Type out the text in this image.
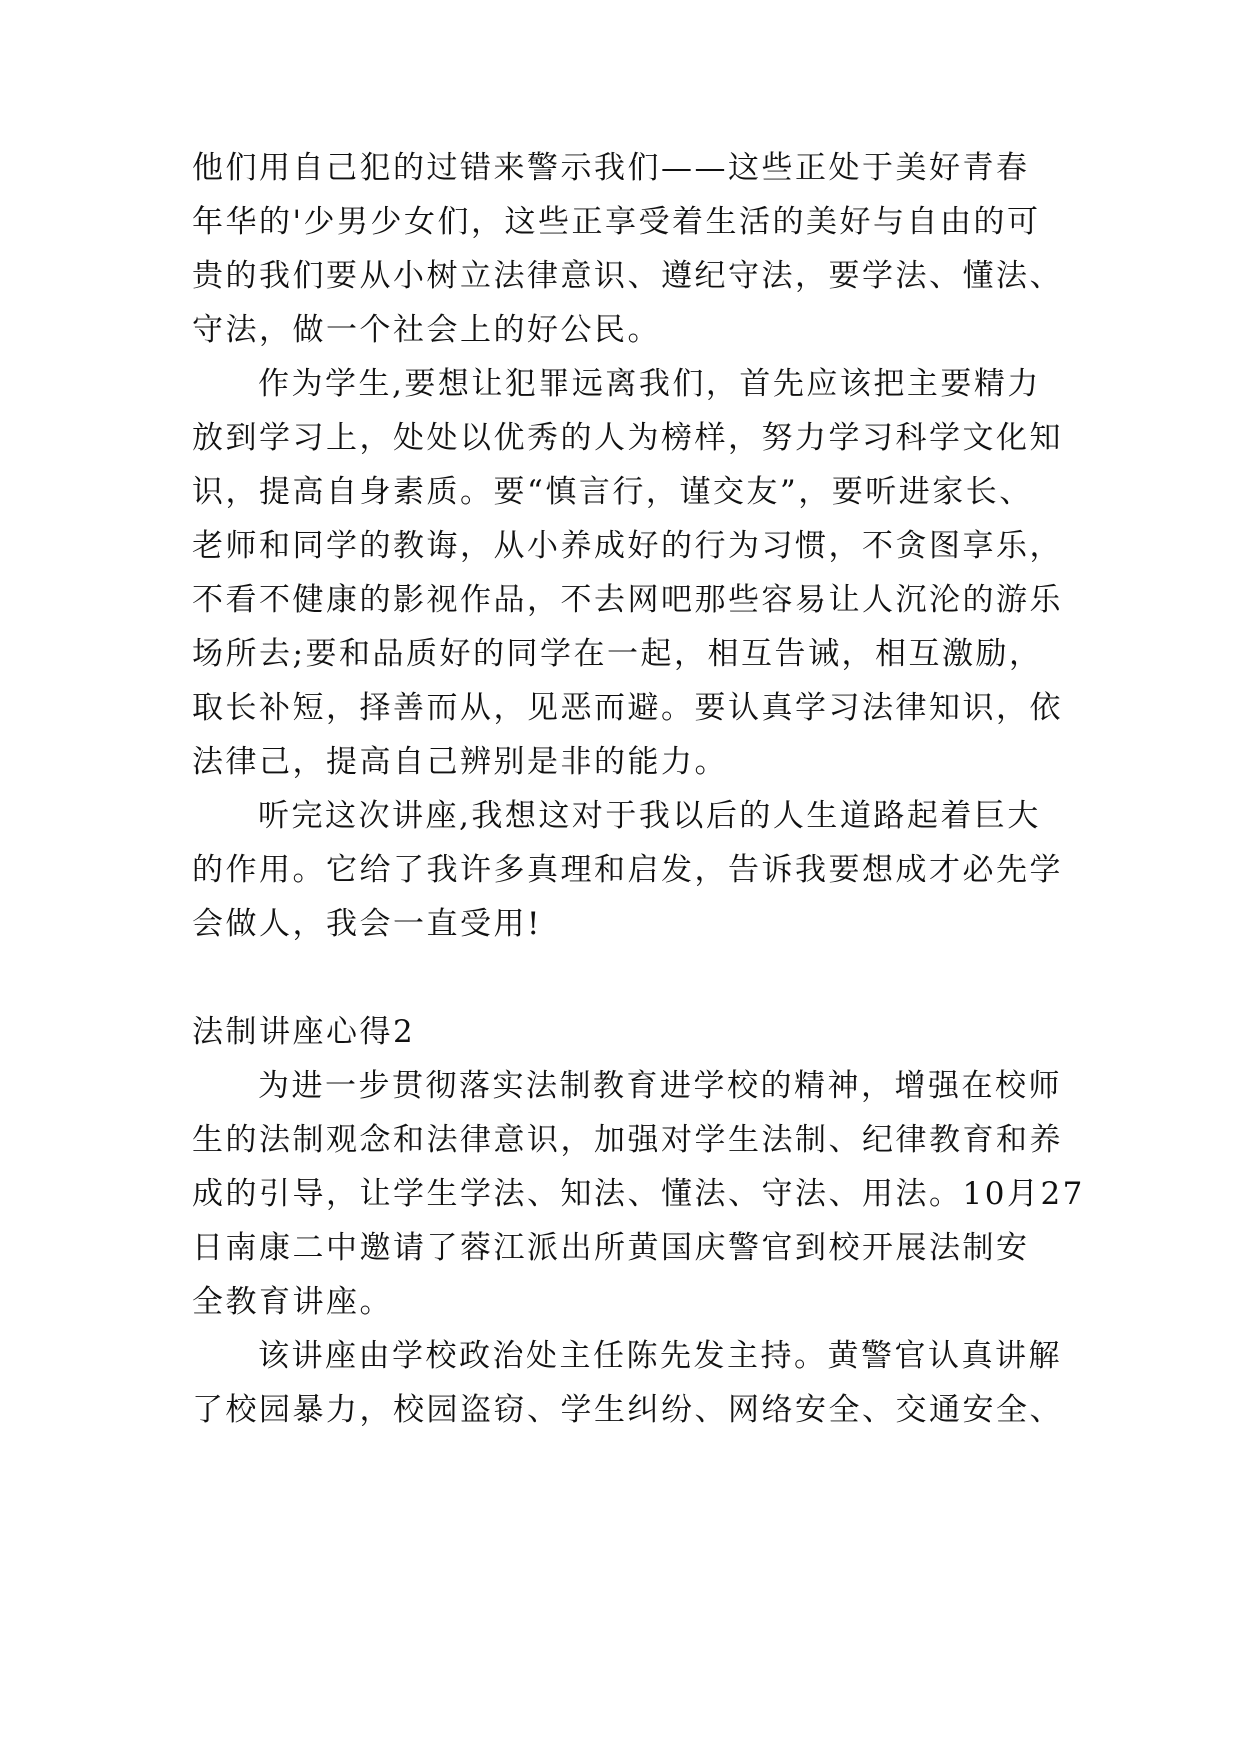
他们用自己犯的过错来警示我们——这些正处于美好青春

年华的'少男少女们，这些正享受着生活的美好与自由的可

贵的我们要从小树立法律意识、遵纪守法，要学法、懂法、

守法，做一个社会上的好公民。

作为学生,要想让犯罪远离我们，首先应该把主要精力

放到学习上，处处以优秀的人为榜样，努力学习科学文化知

识，提高自身素质。要“慎言行，谨交友”，要听进家长、

老师和同学的教诲，从小养成好的行为习惯，不贪图享乐，

不看不健康的影视作品，不去网吧那些容易让人沉沦的游乐

场所去;要和品质好的同学在一起，相互告诫，相互激励，

取长补短，择善而从，见恶而避。要认真学习法律知识，依

法律己，提高自己辨别是非的能力。

听完这次讲座,我想这对于我以后的人生道路起着巨大

的作用。它给了我许多真理和启发，告诉我要想成才必先学

会做人，我会一直受用!

法制讲座心得2

为进一步贯彻落实法制教育进学校的精神，增强在校师

生的法制观念和法律意识，加强对学生法制、纪律教育和养

成的引导，让学生学法、知法、懂法、守法、用法。10月27

日南康二中邀请了蓉江派出所黄国庆警官到校开展法制安

全教育讲座。

该讲座由学校政治处主任陈先发主持。黄警官认真讲解

了校园暴力，校园盗窃、学生纠纷、网络安全、交通安全、
